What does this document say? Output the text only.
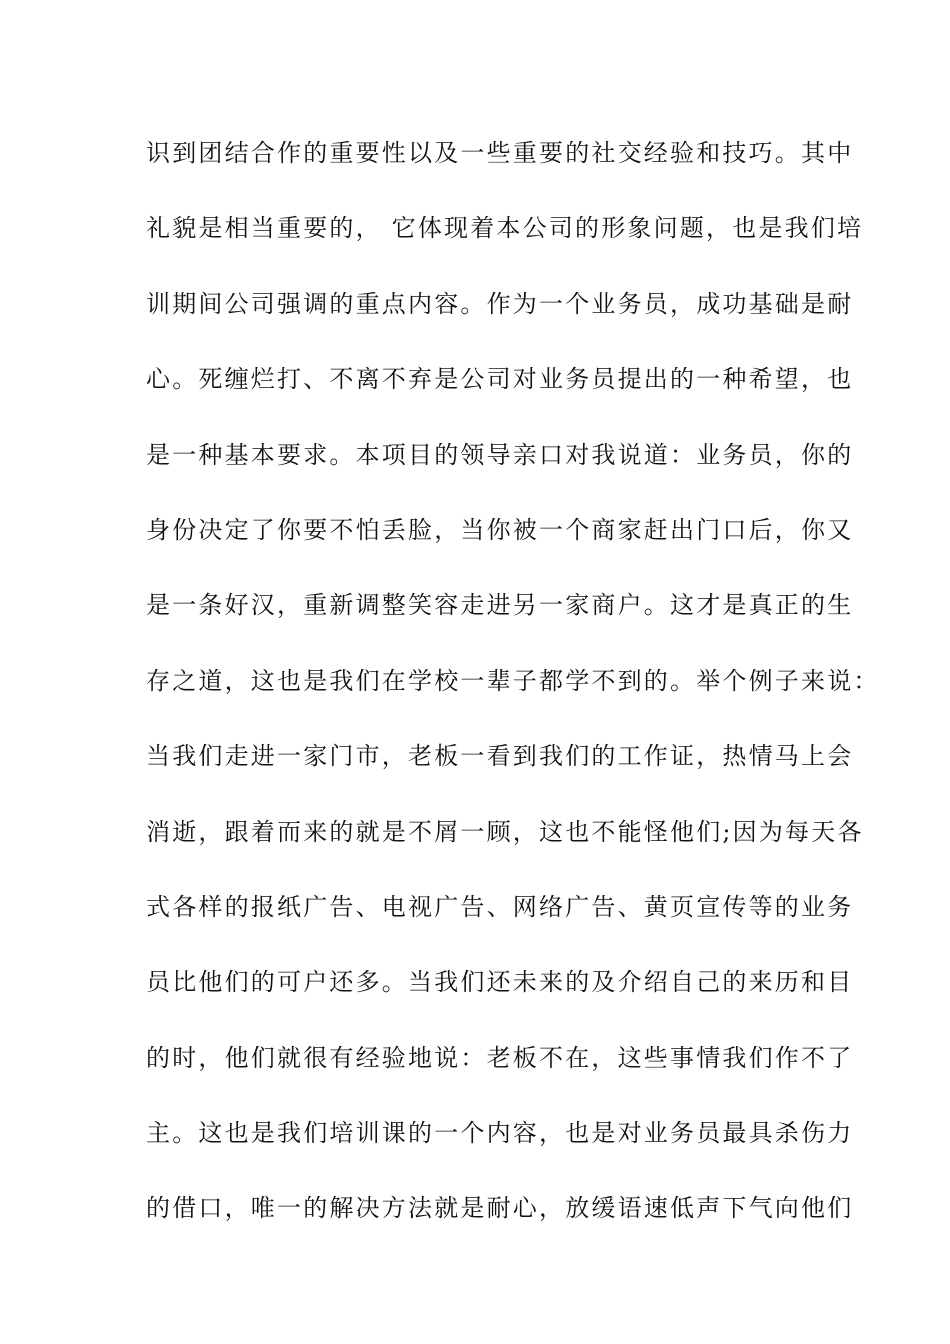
识到团结合作的重要性以及一些重要的社交经验和技巧。其中
礼貌是相当重要的， 它体现着本公司的形象问题，也是我们培
训期间公司强调的重点内容。作为一个业务员，成功基础是耐
心。死缠烂打、不离不弃是公司对业务员提出的一种希望，也
是一种基本要求。本项目的领导亲口对我说道：业务员，你的
身份决定了你要不怕丢脸，当你被一个商家赶出门口后，你又
是一条好汉，重新调整笑容走进另一家商户。这才是真正的生
存之道，这也是我们在学校一辈子都学不到的。举个例子来说：
当我们走进一家门市，老板一看到我们的工作证，热情马上会
消逝，跟着而来的就是不屑一顾，这也不能怪他们;因为每天各
式各样的报纸广告、电视广告、网络广告、黄页宣传等的业务
员比他们的可户还多。当我们还未来的及介绍自己的来历和目
的时，他们就很有经验地说：老板不在，这些事情我们作不了
主。这也是我们培训课的一个内容，也是对业务员最具杀伤力
的借口，唯一的解决方法就是耐心，放缓语速低声下气向他们
